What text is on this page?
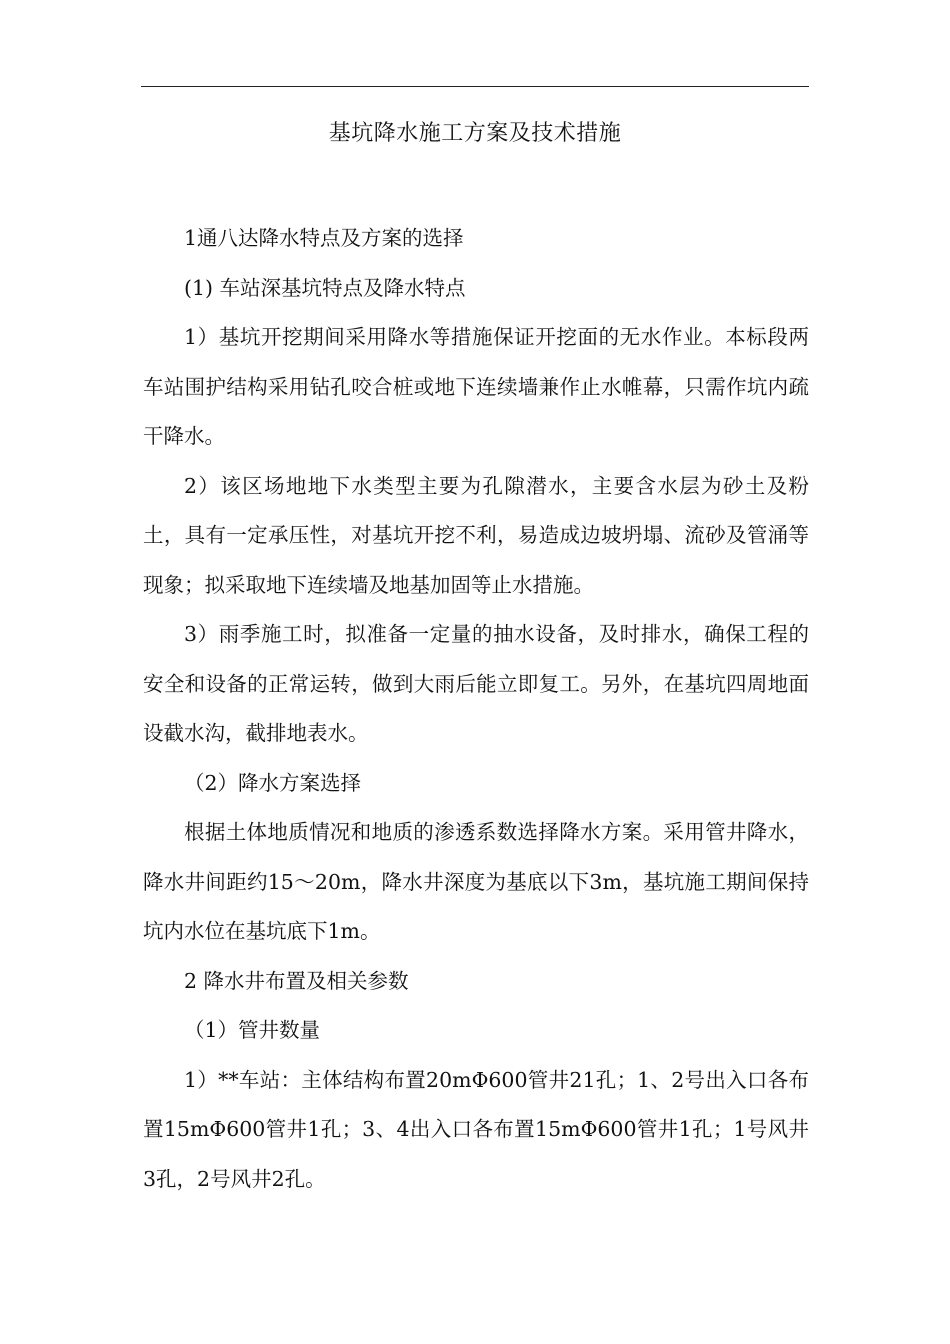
基坑降水施工方案及技术措施

1通八达降水特点及方案的选择

(1) 车站深基坑特点及降水特点

1）基坑开挖期间采用降水等措施保证开挖面的无水作业。本标段两车站围护结构采用钻孔咬合桩或地下连续墙兼作止水帷幕，只需作坑内疏干降水。

2）该区场地地下水类型主要为孔隙潜水，主要含水层为砂土及粉土，具有一定承压性，对基坑开挖不利，易造成边坡坍塌、流砂及管涌等现象；拟采取地下连续墙及地基加固等止水措施。

3）雨季施工时，拟准备一定量的抽水设备，及时排水，确保工程的安全和设备的正常运转，做到大雨后能立即复工。另外，在基坑四周地面设截水沟，截排地表水。

（2）降水方案选择

根据土体地质情况和地质的渗透系数选择降水方案。采用管井降水，降水井间距约15～20m，降水井深度为基底以下3m，基坑施工期间保持坑内水位在基坑底下1m。

2 降水井布置及相关参数

（1）管井数量

1）**车站：主体结构布置20mΦ600管井21孔；1、2号出入口各布置15mΦ600管井1孔；3、4出入口各布置15mΦ600管井1孔；1号风井3孔，2号风井2孔。
